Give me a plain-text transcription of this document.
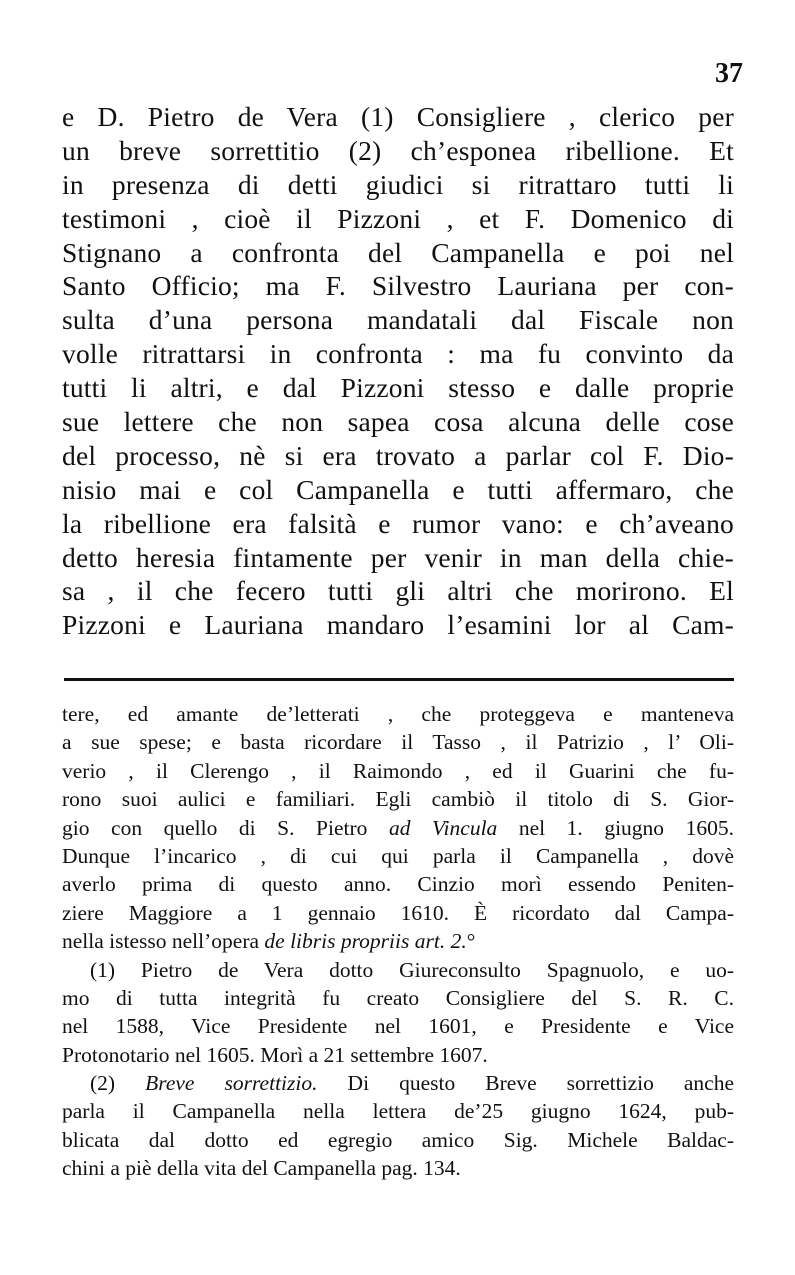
37
e D. Pietro de Vera (1) Consigliere , clerico per
un breve sorrettitio (2) ch’esponea ribellione. Et
in presenza di detti giudici si ritrattaro tutti li
testimoni , cioè il Pizzoni , et F. Domenico di
Stignano a confronta del Campanella e poi nel
Santo Officio; ma F. Silvestro Lauriana per con-
sulta d’una persona mandatali dal Fiscale non
volle ritrattarsi in confronta : ma fu convinto da
tutti li altri, e dal Pizzoni stesso e dalle proprie
sue lettere che non sapea cosa alcuna delle cose
del processo, nè si era trovato a parlar col F. Dio-
nisio mai e col Campanella e tutti affermaro, che
la ribellione era falsità e rumor vano: e ch’aveano
detto heresia fintamente per venir in man della chie-
sa , il che fecero tutti gli altri che morirono. El
Pizzoni e Lauriana mandaro l’esamini lor al Cam-
tere, ed amante de’letterati , che proteggeva e manteneva
a sue spese; e basta ricordare il Tasso , il Patrizio , l’ Oli-
verio , il Clerengo , il Raimondo , ed il Guarini che fu-
rono suoi aulici e familiari. Egli cambiò il titolo di S. Gior-
gio con quello di S. Pietro ad Vincula nel 1. giugno 1605.
Dunque l’incarico , di cui qui parla il Campanella , dovè
averlo prima di questo anno. Cinzio morì essendo Peniten-
ziere Maggiore a 1 gennaio 1610. È ricordato dal Campa-
nella istesso nell’opera de libris propriis art. 2.°
(1) Pietro de Vera dotto Giureconsulto Spagnuolo, e uo-
mo di tutta integrità fu creato Consigliere del S. R. C.
nel 1588, Vice Presidente nel 1601, e Presidente e Vice
Protonotario nel 1605. Morì a 21 settembre 1607.
(2) Breve sorrettizio. Di questo Breve sorrettizio anche
parla il Campanella nella lettera de’25 giugno 1624, pub-
blicata dal dotto ed egregio amico Sig. Michele Baldac-
chini a piè della vita del Campanella pag. 134.
